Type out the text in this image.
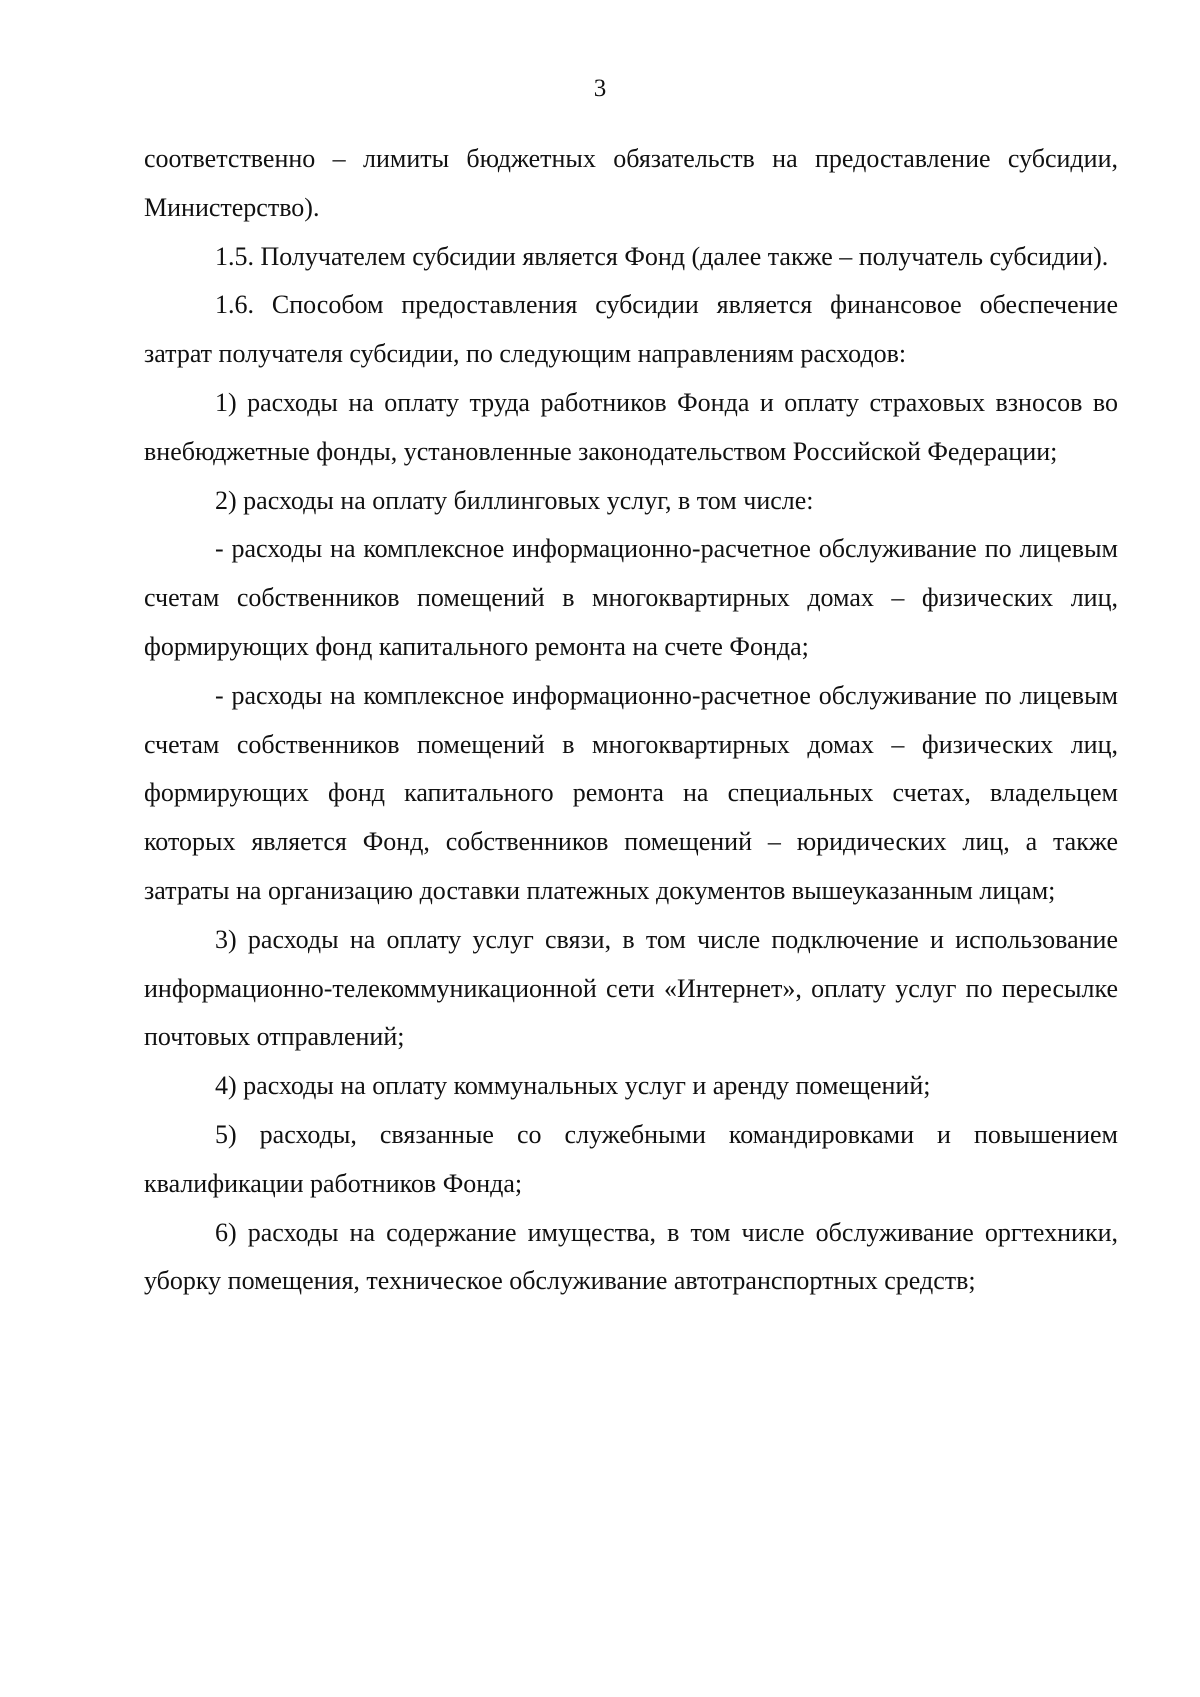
3

соответственно – лимиты бюджетных обязательств на предоставление субсидии, Министерство).

1.5. Получателем субсидии является Фонд (далее также – получатель субсидии).

1.6. Способом предоставления субсидии является финансовое обеспечение затрат получателя субсидии, по следующим направлениям расходов:

1) расходы на оплату труда работников Фонда и оплату страховых взносов во внебюджетные фонды, установленные законодательством Российской Федерации;

2) расходы на оплату биллинговых услуг, в том числе:

- расходы на комплексное информационно-расчетное обслуживание по лицевым счетам собственников помещений в многоквартирных домах – физических лиц, формирующих фонд капитального ремонта на счете Фонда;

- расходы на комплексное информационно-расчетное обслуживание по лицевым счетам собственников помещений в многоквартирных домах – физических лиц, формирующих фонд капитального ремонта на специальных счетах, владельцем которых является Фонд, собственников помещений – юридических лиц, а также затраты на организацию доставки платежных документов вышеуказанным лицам;

3) расходы на оплату услуг связи, в том числе подключение и использование информационно-телекоммуникационной сети «Интернет», оплату услуг по пересылке почтовых отправлений;

4) расходы на оплату коммунальных услуг и аренду помещений;

5) расходы, связанные со служебными командировками и повышением квалификации работников Фонда;

6) расходы на содержание имущества, в том числе обслуживание оргтехники, уборку помещения, техническое обслуживание автотранспортных средств;
